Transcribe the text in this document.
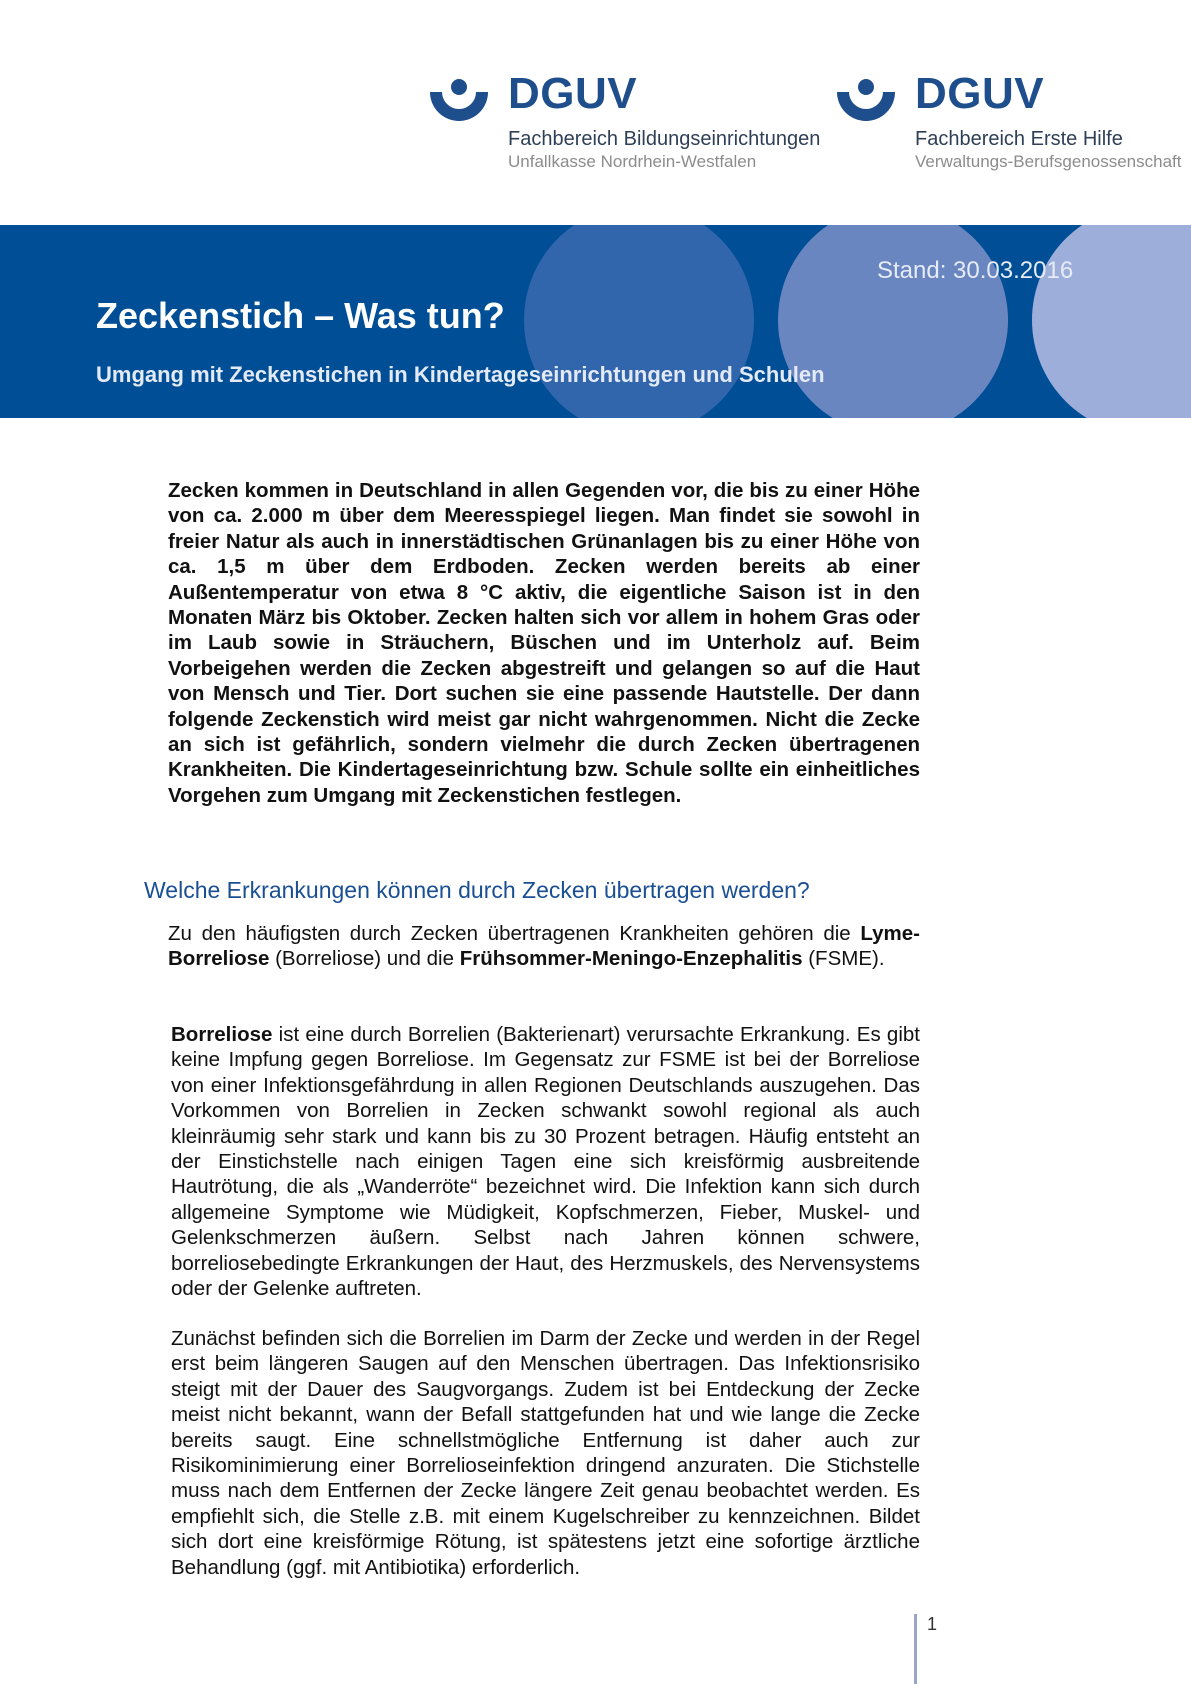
DGUV
Fachbereich Bildungseinrichtungen
Unfallkasse Nordrhein-Westfalen
DGUV
Fachbereich Erste Hilfe
Verwaltungs-Berufsgenossenschaft
Stand: 30.03.2016
Zeckenstich – Was tun?
Umgang mit Zeckenstichen in Kindertageseinrichtungen und Schulen

Zecken kommen in Deutschland in allen Gegenden vor, die bis zu einer Höhe von ca. 2.000 m über dem Meeresspiegel liegen. Man findet sie sowohl in freier Natur als auch in innerstädtischen Grünanlagen bis zu einer Höhe von ca. 1,5 m über dem Erdboden. Zecken werden bereits ab einer Außentemperatur von etwa 8 °C aktiv, die eigentliche Saison ist in den Monaten März bis Oktober. Zecken halten sich vor allem in hohem Gras oder im Laub sowie in Sträuchern, Büschen und im Unterholz auf. Beim Vorbeigehen werden die Zecken abgestreift und gelangen so auf die Haut von Mensch und Tier. Dort suchen sie eine passende Hautstelle. Der dann folgende Zeckenstich wird meist gar nicht wahrgenommen. Nicht die Zecke an sich ist gefährlich, sondern vielmehr die durch Zecken übertragenen Krankheiten. Die Kindertageseinrichtung bzw. Schule sollte ein einheitliches Vorgehen zum Umgang mit Zeckenstichen festlegen.

Welche Erkrankungen können durch Zecken übertragen werden?

Zu den häufigsten durch Zecken übertragenen Krankheiten gehören die Lyme-Borreliose (Borreliose) und die Frühsommer-Meningo-Enzephalitis (FSME).

Borreliose ist eine durch Borrelien (Bakterienart) verursachte Erkrankung. Es gibt keine Impfung gegen Borreliose. Im Gegensatz zur FSME ist bei der Borreliose von einer Infektionsgefährdung in allen Regionen Deutschlands auszugehen. Das Vorkommen von Borrelien in Zecken schwankt sowohl regional als auch kleinräumig sehr stark und kann bis zu 30 Prozent betragen. Häufig entsteht an der Einstichstelle nach einigen Tagen eine sich kreisförmig ausbreitende Hautrötung, die als „Wanderröte“ bezeichnet wird. Die Infektion kann sich durch allgemeine Symptome wie Müdigkeit, Kopfschmerzen, Fieber, Muskel- und Gelenkschmerzen äußern. Selbst nach Jahren können schwere, borreliosebedingte Erkrankungen der Haut, des Herzmuskels, des Nervensystems oder der Gelenke auftreten.

Zunächst befinden sich die Borrelien im Darm der Zecke und werden in der Regel erst beim längeren Saugen auf den Menschen übertragen. Das Infektionsrisiko steigt mit der Dauer des Saugvorgangs. Zudem ist bei Entdeckung der Zecke meist nicht bekannt, wann der Befall stattgefunden hat und wie lange die Zecke bereits saugt. Eine schnellstmögliche Entfernung ist daher auch zur Risikominimierung einer Borrelioseinfektion dringend anzuraten. Die Stichstelle muss nach dem Entfernen der Zecke längere Zeit genau beobachtet werden. Es empfiehlt sich, die Stelle z.B. mit einem Kugelschreiber zu kennzeichnen. Bildet sich dort eine kreisförmige Rötung, ist spätestens jetzt eine sofortige ärztliche Behandlung (ggf. mit Antibiotika) erforderlich.

1
